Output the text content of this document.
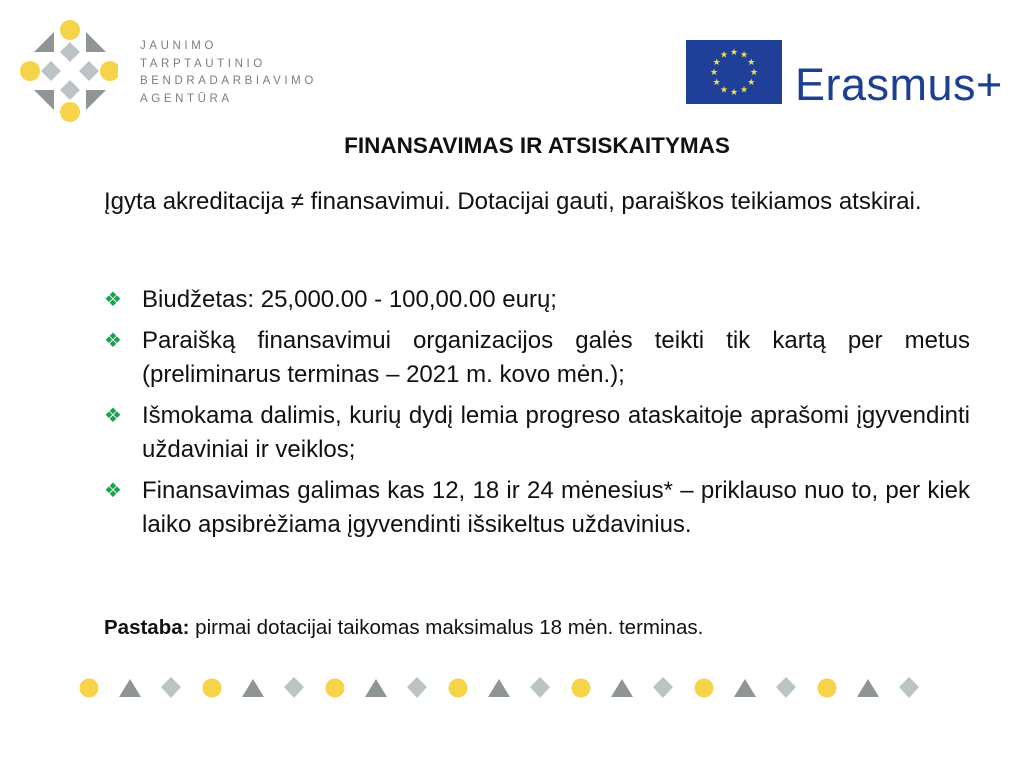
JAUNIMO
TARPTAUTINIO
BENDRADARBIAVIMO
AGENTŪRA
★ ★
★
★
★
★
★
★
★
★
★
★
Erasmus+
FINANSAVIMAS IR ATSISKAITYMAS
Įgyta akreditacija ≠ finansavimui. Dotacijai gauti, paraiškos teikiamos atskirai.
❖ Biudžetas: 25,000.00 - 100,00.00 eurų;
❖ Paraišką finansavimui organizacijos galės teikti tik kartą per metus (preliminarus terminas – 2021 m. kovo mėn.);
❖ Išmokama dalimis, kurių dydį lemia progreso ataskaitoje aprašomi įgyvendinti uždaviniai ir veiklos;
❖ Finansavimas galimas kas 12, 18 ir 24 mėnesius* – priklauso nuo to, per kiek laiko apsibrėžiama įgyvendinti išsikeltus uždavinius.
Pastaba: pirmai dotacijai taikomas maksimalus 18 mėn. terminas.
